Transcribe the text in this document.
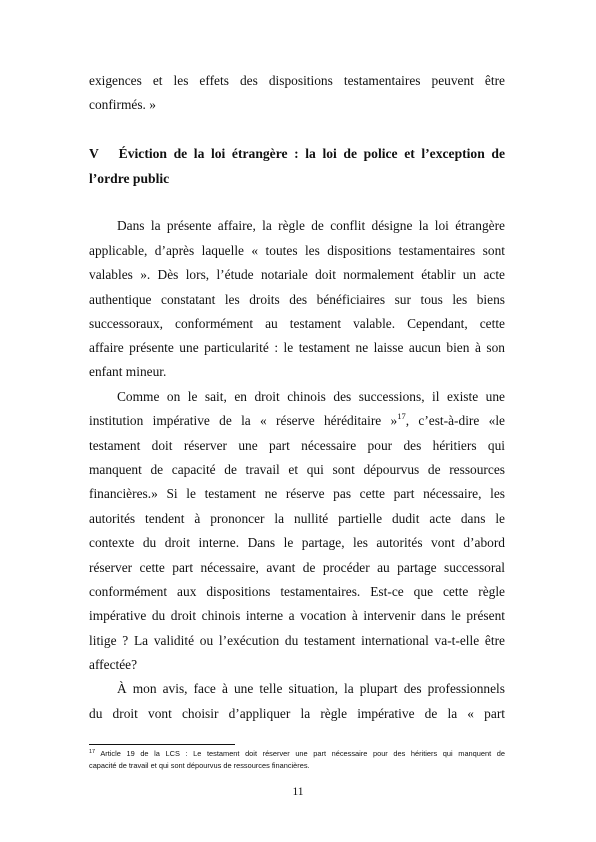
exigences et les effets des dispositions testamentaires peuvent être
confirmés. »
V Éviction de la loi étrangère : la loi de police et l’exception de
l’ordre public
Dans la présente affaire, la règle de conflit désigne la loi étrangère
applicable, d’après laquelle « toutes les dispositions testamentaires sont
valables ». Dès lors, l’étude notariale doit normalement établir un acte
authentique constatant les droits des bénéficiaires sur tous les biens
successoraux, conformément au testament valable. Cependant, cette
affaire présente une particularité : le testament ne laisse aucun bien à son
enfant mineur.
Comme on le sait, en droit chinois des successions, il existe une
institution impérative de la « réserve héréditaire »$^{17}$, c’est-à-dire «le
testament doit réserver une part nécessaire pour des héritiers qui
manquent de capacité de travail et qui sont dépourvus de ressources
financières.» Si le testament ne réserve pas cette part nécessaire, les
autorités tendent à prononcer la nullité partielle dudit acte dans le
contexte du droit interne. Dans le partage, les autorités vont d’abord
réserver cette part nécessaire, avant de procéder au partage successoral
conformément aux dispositions testamentaires. Est-ce que cette règle
impérative du droit chinois interne a vocation à intervenir dans le présent
litige ? La validité ou l’exécution du testament international va-t-elle être
affectée?
À mon avis, face à une telle situation, la plupart des professionnels
du droit vont choisir d’appliquer la règle impérative de la « part
$^{17}$ Article 19 de la LCS : Le testament doit réserver une part nécessaire pour des héritiers qui manquent de
capacité de travail et qui sont dépourvus de ressources financières.
11
